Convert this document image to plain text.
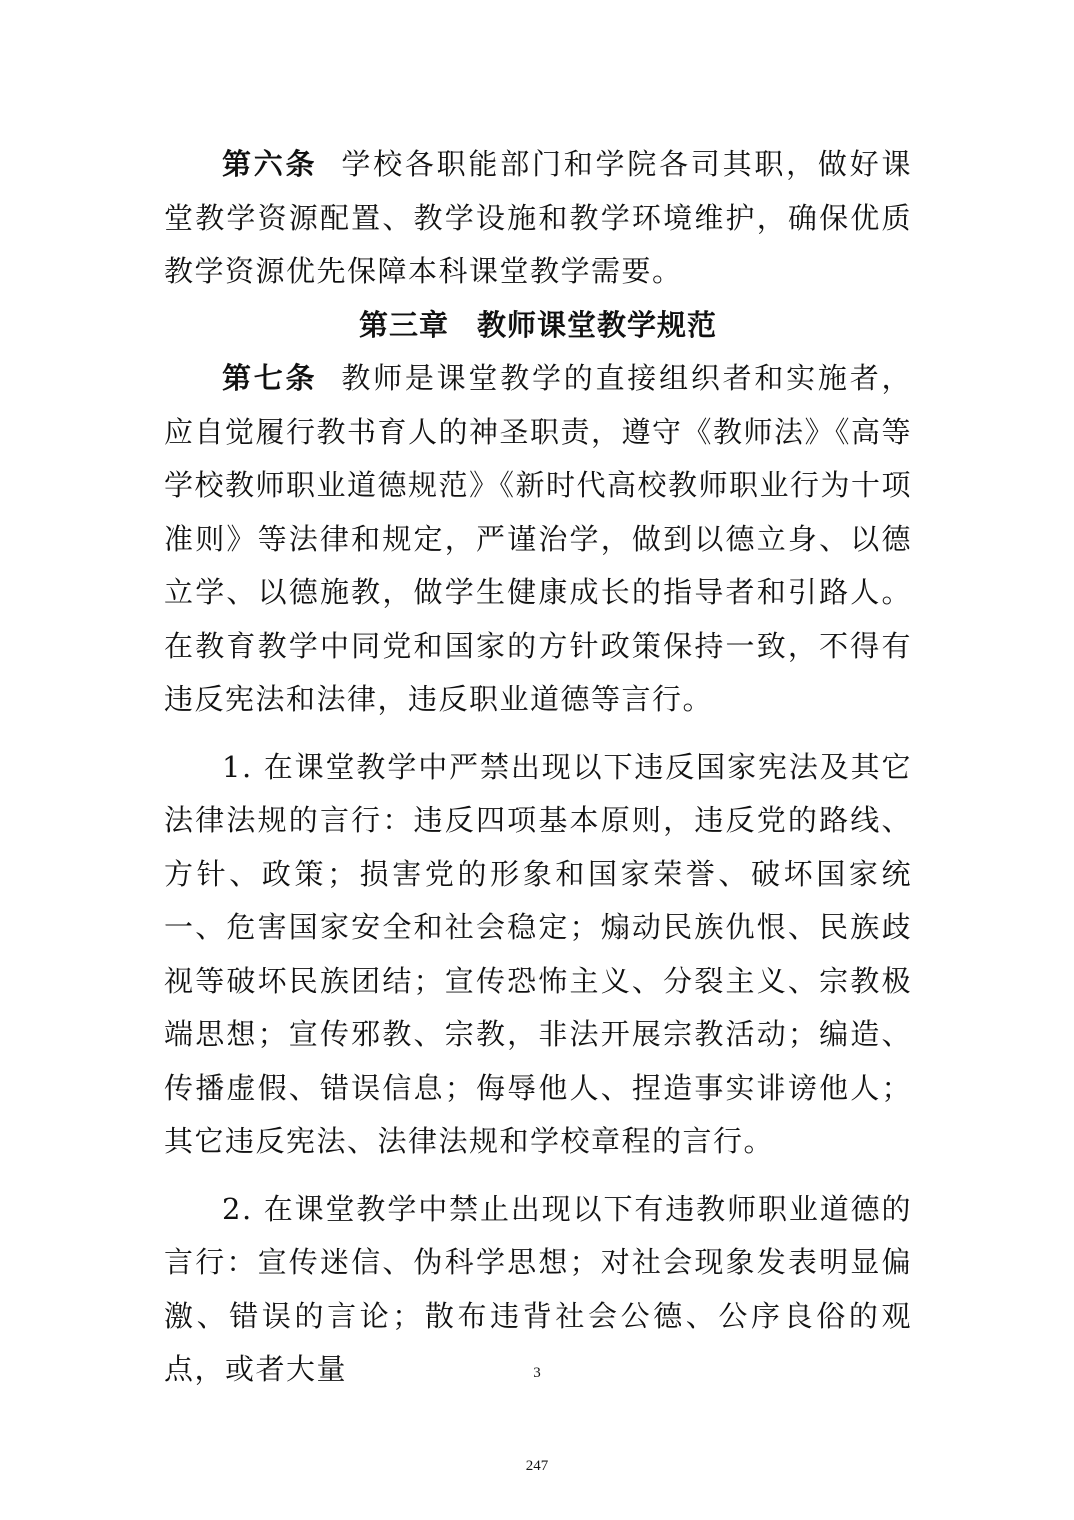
第六条 学校各职能部门和学院各司其职，做好课堂教学资源配置、教学设施和教学环境维护，确保优质教学资源优先保障本科课堂教学需要。

第三章 教师课堂教学规范

第七条 教师是课堂教学的直接组织者和实施者，应自觉履行教书育人的神圣职责，遵守《教师法》《高等学校教师职业道德规范》《新时代高校教师职业行为十项准则》等法律和规定，严谨治学，做到以德立身、以德立学、以德施教，做学生健康成长的指导者和引路人。在教育教学中同党和国家的方针政策保持一致，不得有违反宪法和法律，违反职业道德等言行。

1. 在课堂教学中严禁出现以下违反国家宪法及其它法律法规的言行：违反四项基本原则，违反党的路线、方针、政策；损害党的形象和国家荣誉、破坏国家统一、危害国家安全和社会稳定；煽动民族仇恨、民族歧视等破坏民族团结；宣传恐怖主义、分裂主义、宗教极端思想；宣传邪教、宗教，非法开展宗教活动；编造、传播虚假、错误信息；侮辱他人、捏造事实诽谤他人；其它违反宪法、法律法规和学校章程的言行。

2. 在课堂教学中禁止出现以下有违教师职业道德的言行：宣传迷信、伪科学思想；对社会现象发表明显偏激、错误的言论；散布违背社会公德、公序良俗的观点，或者大量	3
247
